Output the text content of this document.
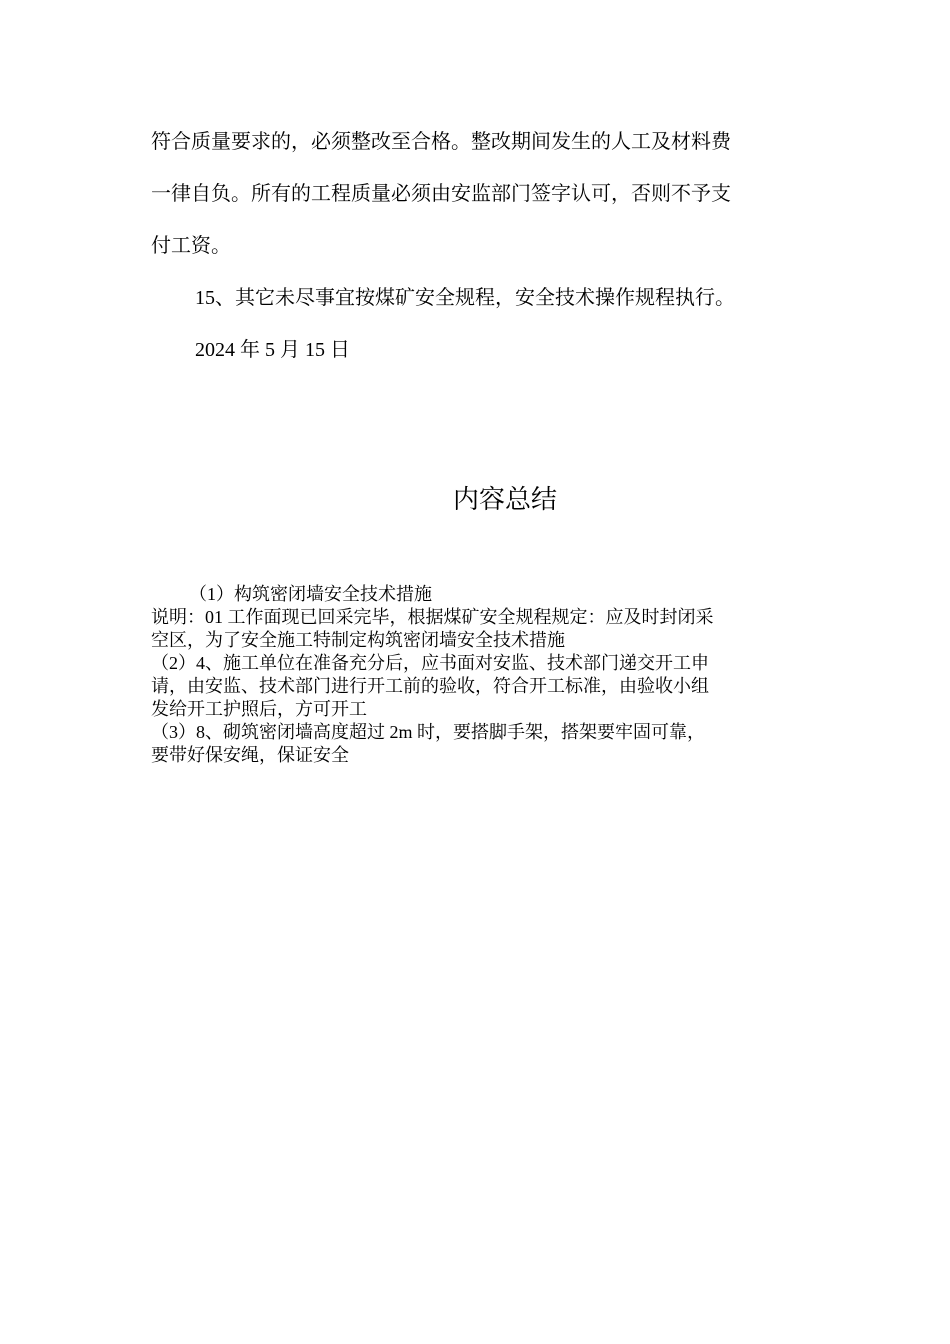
符合质量要求的，必须整改至合格。整改期间发生的人工及材料费

一律自负。所有的工程质量必须由安监部门签字认可，否则不予支

付工资。

15、其它未尽事宜按煤矿安全规程，安全技术操作规程执行。

2024 年 5 月 15 日

内容总结

（1）构筑密闭墙安全技术措施

说明：01 工作面现已回采完毕，根据煤矿安全规程规定：应及时封闭采

空区，为了安全施工特制定构筑密闭墙安全技术措施

（2）4、施工单位在准备充分后，应书面对安监、技术部门递交开工申

请，由安监、技术部门进行开工前的验收，符合开工标准，由验收小组

发给开工护照后，方可开工

（3）8、砌筑密闭墙高度超过 2m 时，要搭脚手架，搭架要牢固可靠，

要带好保安绳，保证安全
